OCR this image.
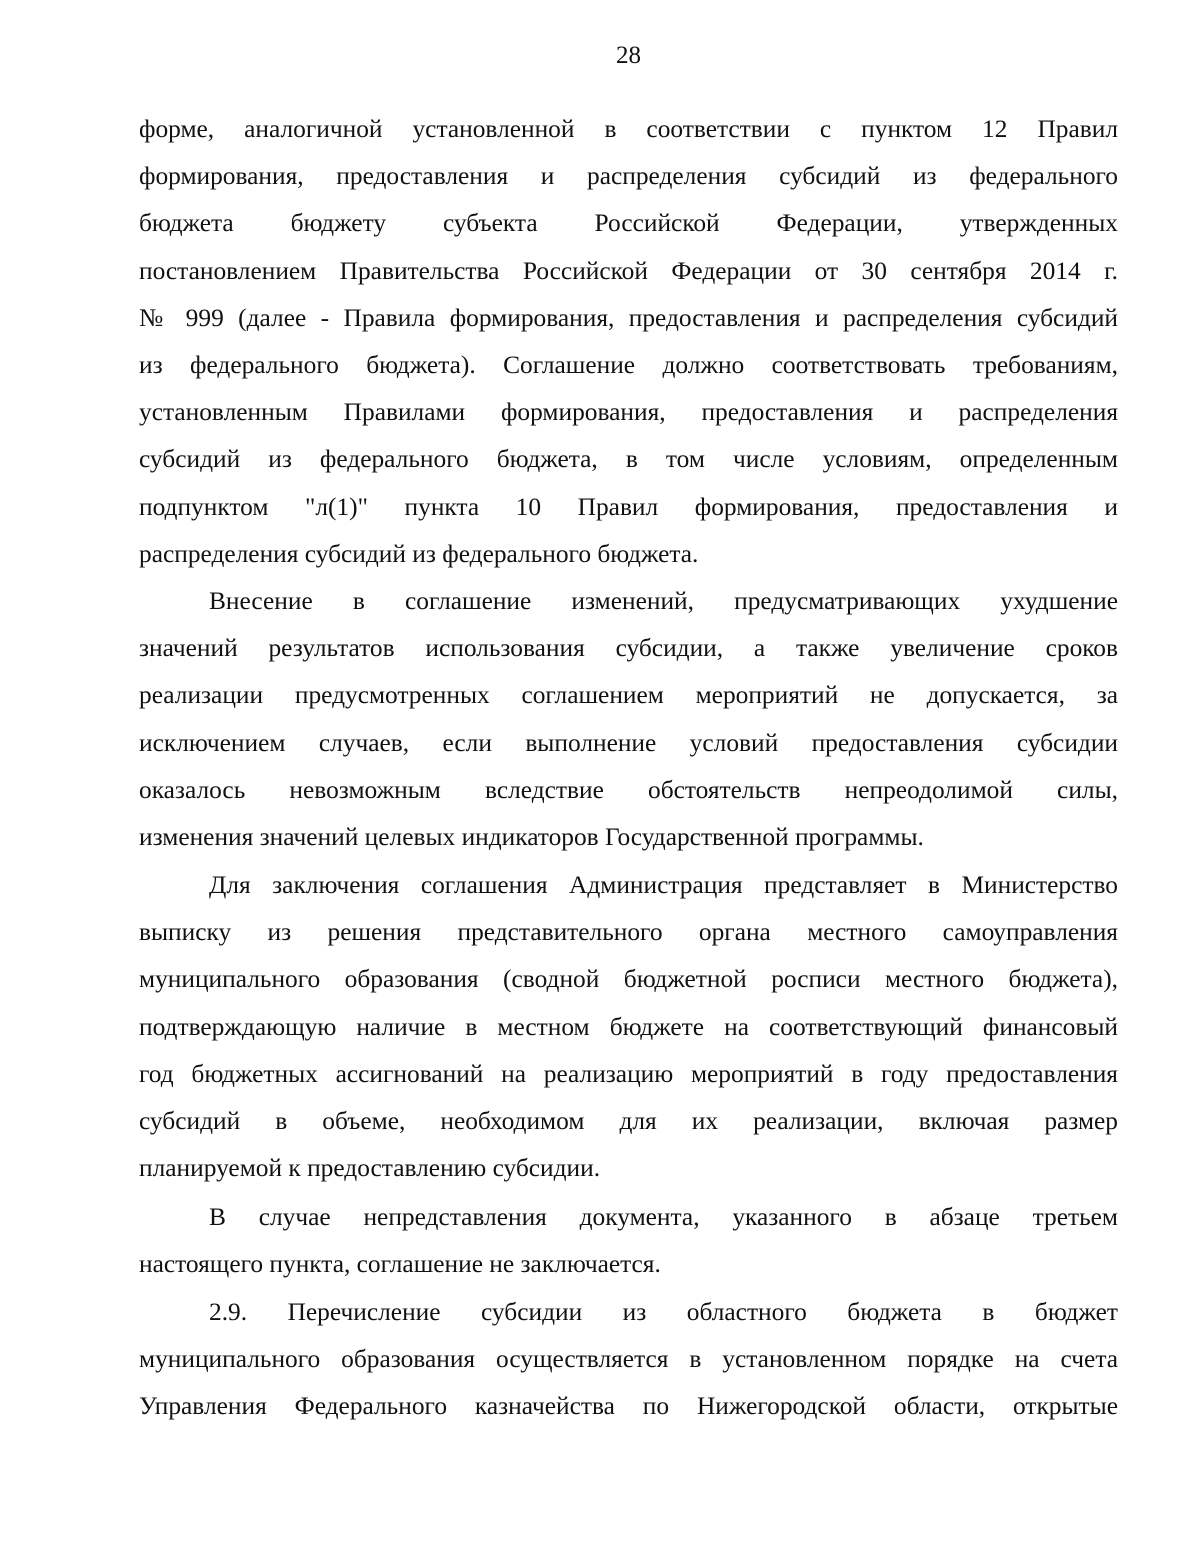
28
форме, аналогичной установленной в соответствии с пунктом 12 Правил
формирования, предоставления и распределения субсидий из федерального
бюджета бюджету субъекта Российской Федерации, утвержденных
постановлением Правительства Российской Федерации от 30 сентября 2014 г.
№ 999 (далее - Правила формирования, предоставления и распределения субсидий
из федерального бюджета). Соглашение должно соответствовать требованиям,
установленным Правилами формирования, предоставления и распределения
субсидий из федерального бюджета, в том числе условиям, определенным
подпунктом "л(1)" пункта 10 Правил формирования, предоставления и
распределения субсидий из федерального бюджета.
Внесение в соглашение изменений, предусматривающих ухудшение
значений результатов использования субсидии, а также увеличение сроков
реализации предусмотренных соглашением мероприятий не допускается, за
исключением случаев, если выполнение условий предоставления субсидии
оказалось невозможным вследствие обстоятельств непреодолимой силы,
изменения значений целевых индикаторов Государственной программы.
Для заключения соглашения Администрация представляет в Министерство
выписку из решения представительного органа местного самоуправления
муниципального образования (сводной бюджетной росписи местного бюджета),
подтверждающую наличие в местном бюджете на соответствующий финансовый
год бюджетных ассигнований на реализацию мероприятий в году предоставления
субсидий в объеме, необходимом для их реализации, включая размер
планируемой к предоставлению субсидии.
В случае непредставления документа, указанного в абзаце третьем
настоящего пункта, соглашение не заключается.
2.9. Перечисление субсидии из областного бюджета в бюджет
муниципального образования осуществляется в установленном порядке на счета
Управления Федерального казначейства по Нижегородской области, открытые
